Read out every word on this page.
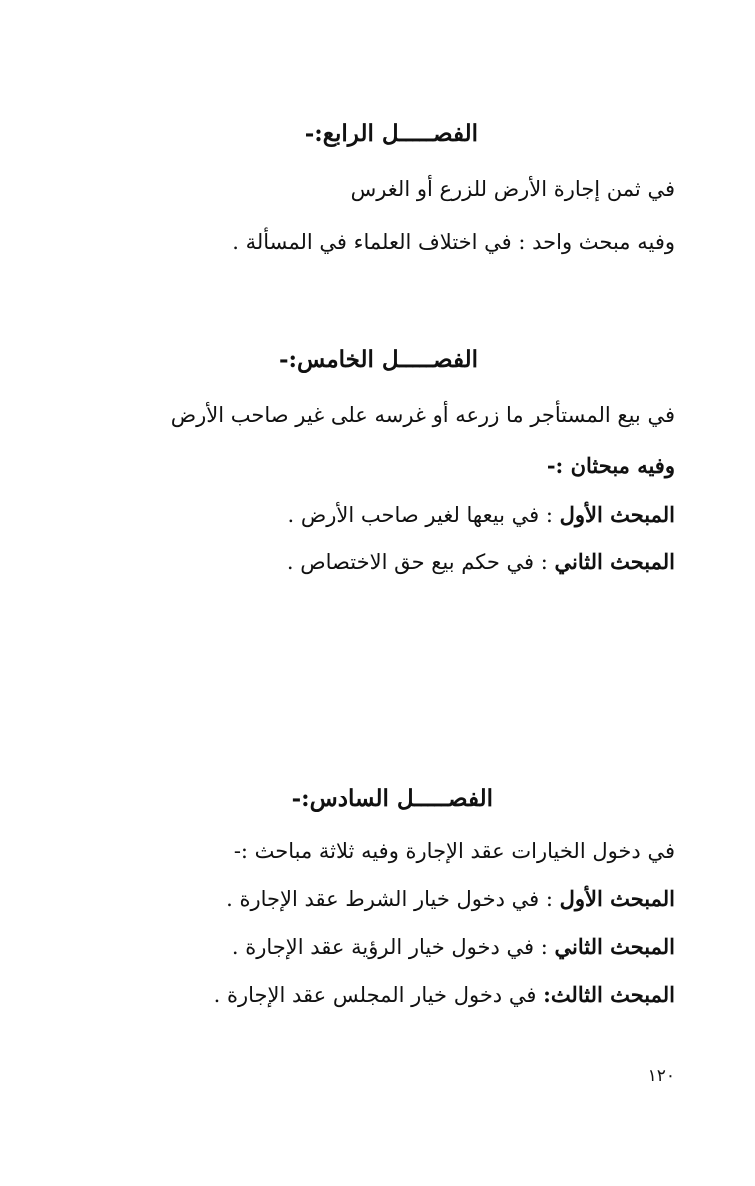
الفصـــــل الرابع:-
في ثمن إجارة الأرض للزرع أو الغرس
وفيه مبحث واحد : في اختلاف العلماء في المسألة .
الفصـــــل الخامس:-
في بيع المستأجر ما زرعه أو غرسه على غير صاحب الأرض
وفيه مبحثان :-
المبحث الأول : في بيعها لغير صاحب الأرض .
المبحث الثاني : في حكم بيع حق الاختصاص .
الفصـــــل السادس:-
في دخول الخيارات عقد الإجارة وفيه ثلاثة مباحث :-
المبحث الأول : في دخول خيار الشرط عقد الإجارة .
المبحث الثاني : في دخول خيار الرؤية عقد الإجارة .
المبحث الثالث: في دخول خيار المجلس عقد الإجارة .
١٢٠
